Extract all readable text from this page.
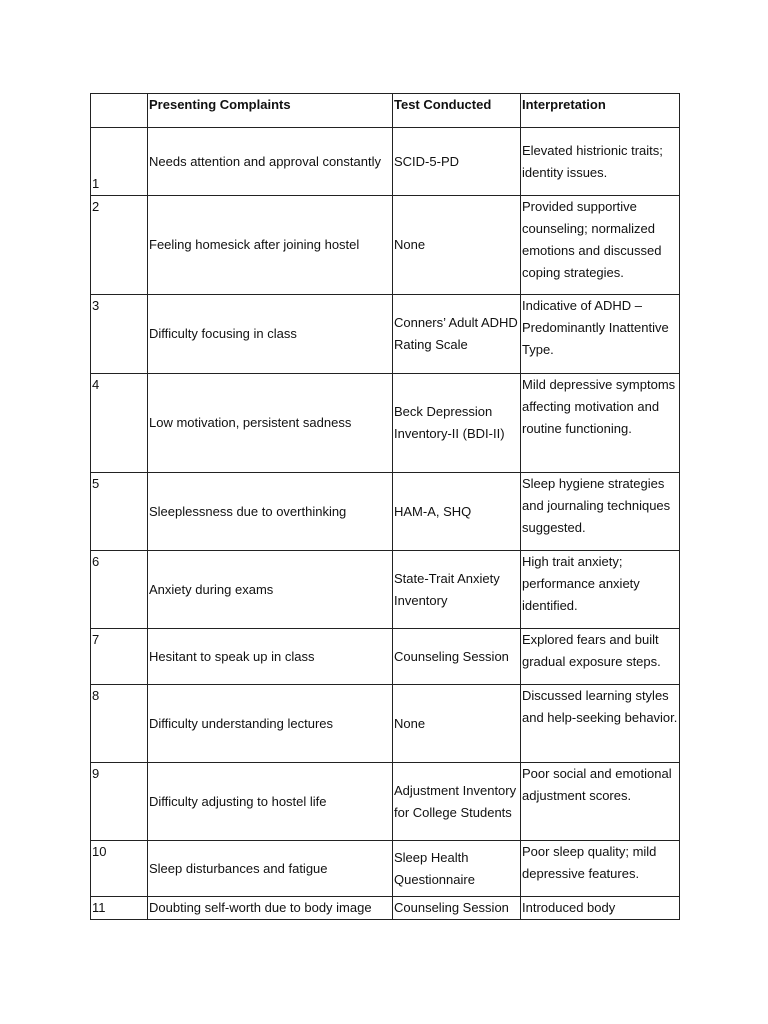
	Presenting Complaints	Test Conducted	Interpretation
1	Needs attention and approval constantly	SCID-5-PD	Elevated histrionic traits; identity issues.
2	Feeling homesick after joining hostel	None	Provided supportive counseling; normalized emotions and discussed coping strategies.
3	Difficulty focusing in class	Conners’ Adult ADHD Rating Scale	Indicative of ADHD – Predominantly Inattentive Type.
4	Low motivation, persistent sadness	Beck Depression Inventory-II (BDI-II)	Mild depressive symptoms affecting motivation and routine functioning.
5	Sleeplessness due to overthinking	HAM-A, SHQ	Sleep hygiene strategies and journaling techniques suggested.
6	Anxiety during exams	State-Trait Anxiety Inventory	High trait anxiety; performance anxiety identified.
7	Hesitant to speak up in class	Counseling Session	Explored fears and built gradual exposure steps.
8	Difficulty understanding lectures	None	Discussed learning styles and help-seeking behavior.
9	Difficulty adjusting to hostel life	Adjustment Inventory for College Students	Poor social and emotional adjustment scores.
10	Sleep disturbances and fatigue	Sleep Health Questionnaire	Poor sleep quality; mild depressive features.
11	Doubting self-worth due to body image	Counseling Session	Introduced body
